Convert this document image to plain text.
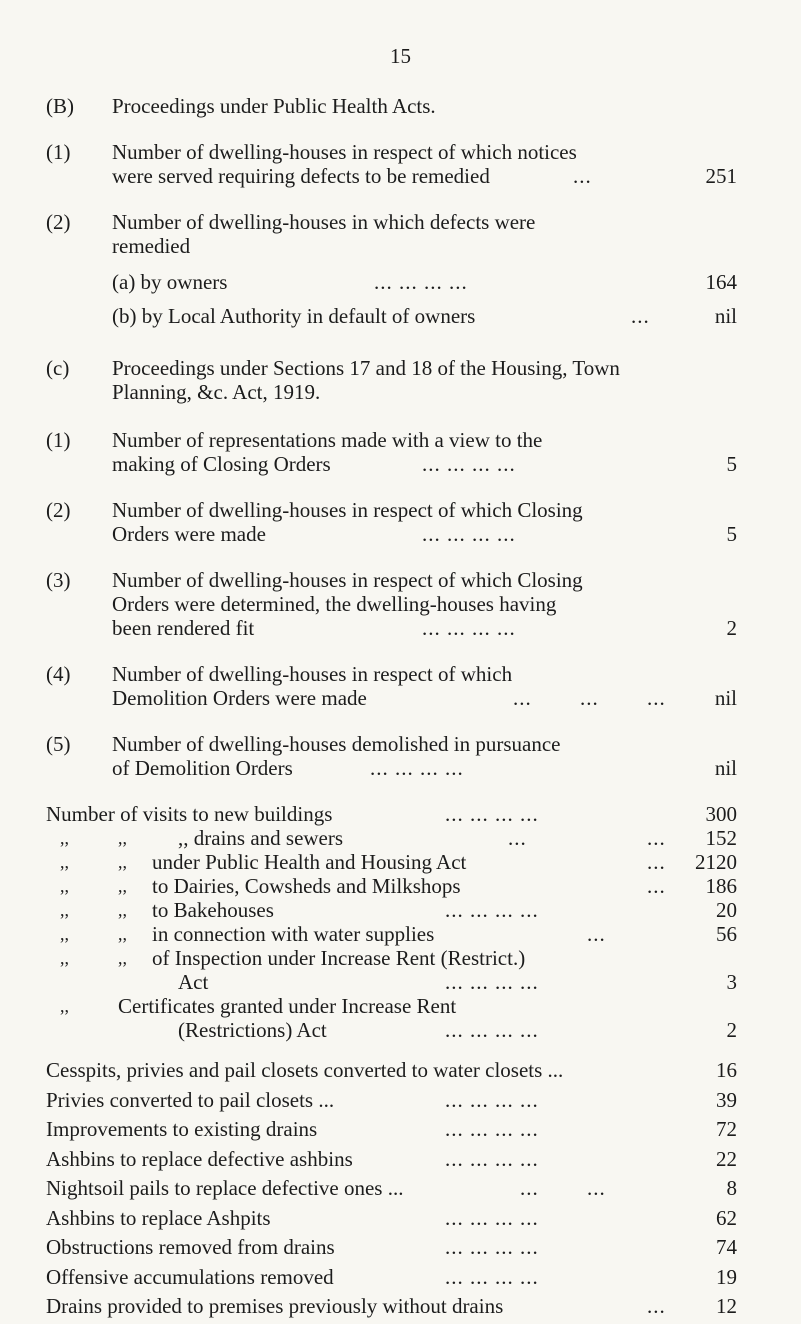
15
(B) Proceedings under Public Health Acts.
(1) Number of dwelling-houses in respect of which notices
were served requiring defects to be remedied	...	251
(2) Number of dwelling-houses in which defects were
remedied
(a) by owners	... ... ... ...	164
(b) by Local Authority in default of owners	...	nil
(c) Proceedings under Sections 17 and 18 of the Housing, Town
Planning, &c. Act, 1919.
(1) Number of representations made with a view to the
making of Closing Orders	... ... ... ...	5
(2) Number of dwelling-houses in respect of which Closing
Orders were made	... ... ... ...	5
(3) Number of dwelling-houses in respect of which Closing
Orders were determined, the dwelling-houses having
been rendered fit	... ... ... ...	2
(4) Number of dwelling-houses in respect of which
Demolition Orders were made	... ... ...	nil
(5) Number of dwelling-houses demolished in pursuance
of Demolition Orders	... ... ... ...	nil
Number of visits to new buildings	... ... ... ...	300
,,	,, ,, drains and sewers	...	...	152
,,	,, under Public Health and Housing Act	...	2120
,,	,, to Dairies, Cowsheds and Milkshops	...	186
,,	,, to Bakehouses	... ... ... ...	20
,,	,, in connection with water supplies	...	56
,,	,, of Inspection under Increase Rent (Restrict.)
Act	... ... ... ...	3
,, Certificates granted under Increase Rent
(Restrictions) Act	... ... ... ...	2
Cesspits, privies and pail closets converted to water closets ...	16
Privies converted to pail closets ...	... ... ... ...	39
Improvements to existing drains	... ... ... ...	72
Ashbins to replace defective ashbins	... ... ... ...	22
Nightsoil pails to replace defective ones ...	... ...	8
Ashbins to replace Ashpits	... ... ... ...	62
Obstructions removed from drains	... ... ... ...	74
Offensive accumulations removed	... ... ... ...	19
Drains provided to premises previously without drains	...	12
